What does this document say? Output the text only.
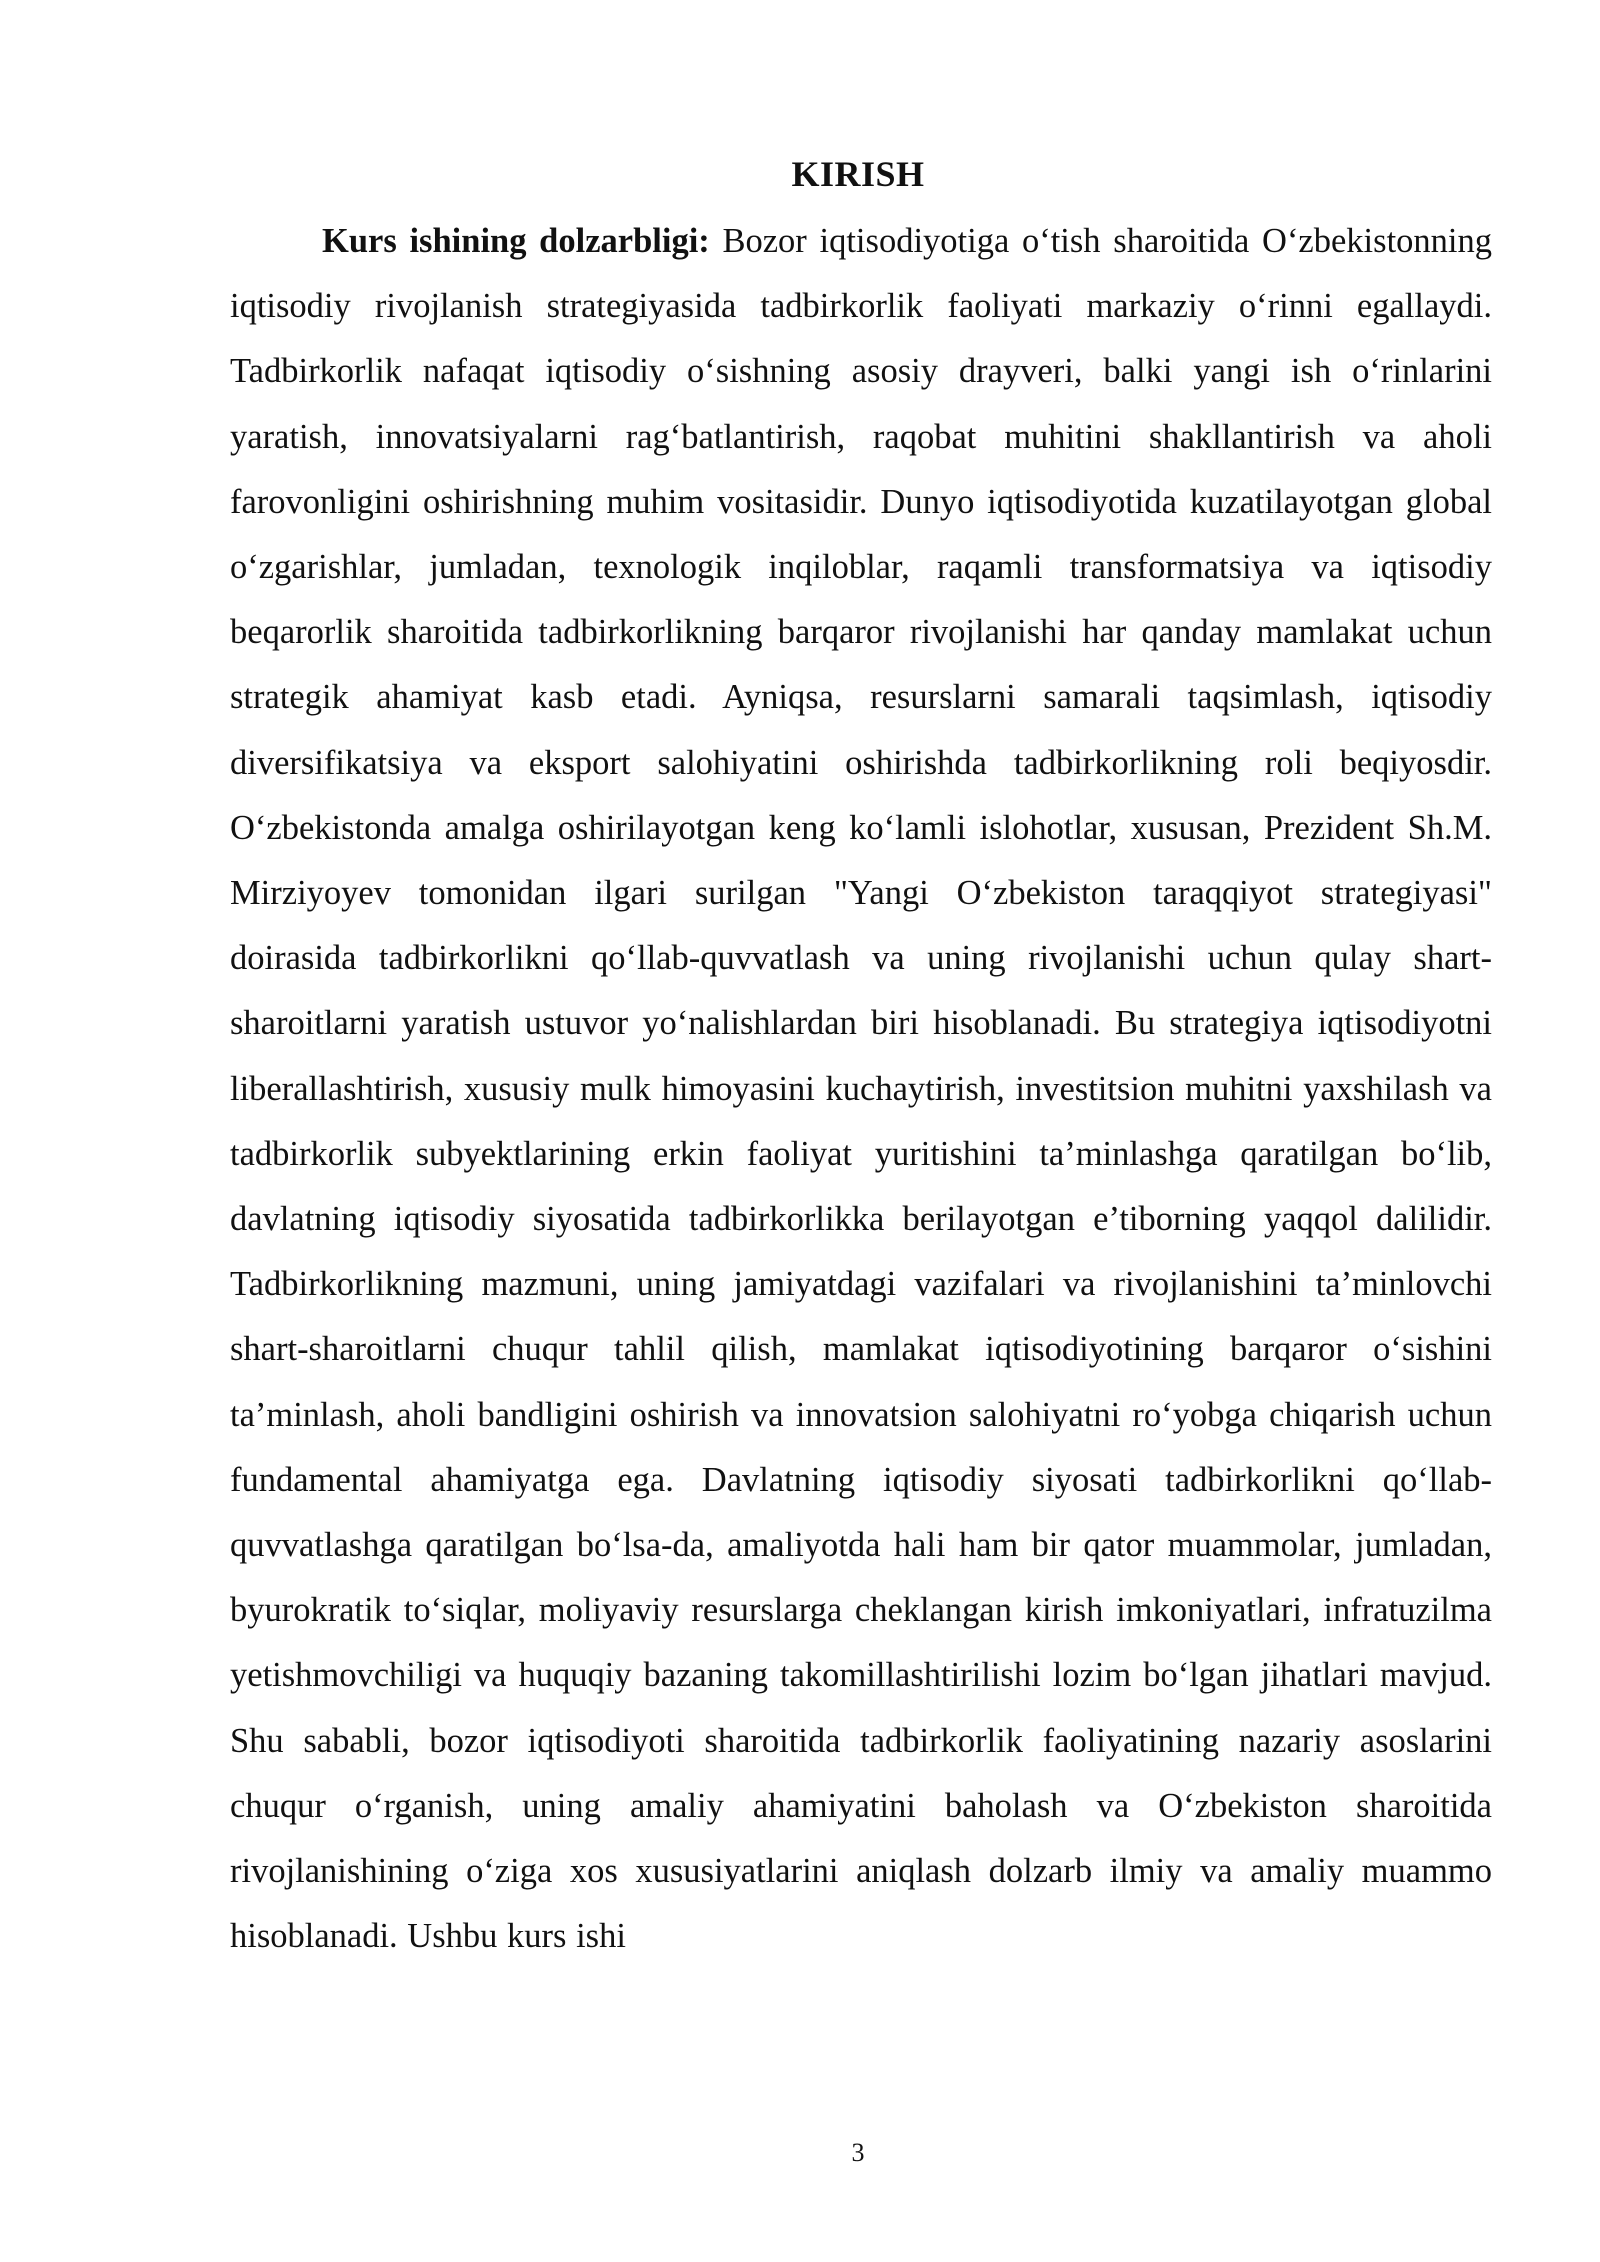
KIRISH

Kurs ishining dolzarbligi: Bozor iqtisodiyotiga o‘tish sharoitida O‘zbekistonning iqtisodiy rivojlanish strategiyasida tadbirkorlik faoliyati markaziy o‘rinni egallaydi. Tadbirkorlik nafaqat iqtisodiy o‘sishning asosiy drayveri, balki yangi ish o‘rinlarini yaratish, innovatsiyalarni rag‘batlantirish, raqobat muhitini shakllantirish va aholi farovonligini oshirishning muhim vositasidir. Dunyo iqtisodiyotida kuzatilayotgan global o‘zgarishlar, jumladan, texnologik inqiloblar, raqamli transformatsiya va iqtisodiy beqarorlik sharoitida tadbirkorlikning barqaror rivojlanishi har qanday mamlakat uchun strategik ahamiyat kasb etadi. Ayniqsa, resurslarni samarali taqsimlash, iqtisodiy diversifikatsiya va eksport salohiyatini oshirishda tadbirkorlikning roli beqiyosdir. O‘zbekistonda amalga oshirilayotgan keng ko‘lamli islohotlar, xususan, Prezident Sh.M. Mirziyoyev tomonidan ilgari surilgan "Yangi O‘zbekiston taraqqiyot strategiyasi" doirasida tadbirkorlikni qo‘llab-quvvatlash va uning rivojlanishi uchun qulay shart-sharoitlarni yaratish ustuvor yo‘nalishlardan biri hisoblanadi. Bu strategiya iqtisodiyotni liberallashtirish, xususiy mulk himoyasini kuchaytirish, investitsion muhitni yaxshilash va tadbirkorlik subyektlarining erkin faoliyat yuritishini ta’minlashga qaratilgan bo‘lib, davlatning iqtisodiy siyosatida tadbirkorlikka berilayotgan e’tiborning yaqqol dalilidir. Tadbirkorlikning mazmuni, uning jamiyatdagi vazifalari va rivojlanishini ta’minlovchi shart-sharoitlarni chuqur tahlil qilish, mamlakat iqtisodiyotining barqaror o‘sishini ta’minlash, aholi bandligini oshirish va innovatsion salohiyatni ro‘yobga chiqarish uchun fundamental ahamiyatga ega. Davlatning iqtisodiy siyosati tadbirkorlikni qo‘llab-quvvatlashga qaratilgan bo‘lsa-da, amaliyotda hali ham bir qator muammolar, jumladan, byurokratik to‘siqlar, moliyaviy resurslarga cheklangan kirish imkoniyatlari, infratuzilma yetishmovchiligi va huquqiy bazaning takomillashtirilishi lozim bo‘lgan jihatlari mavjud. Shu sababli, bozor iqtisodiyoti sharoitida tadbirkorlik faoliyatining nazariy asoslarini chuqur o‘rganish, uning amaliy ahamiyatini baholash va O‘zbekiston sharoitida rivojlanishining o‘ziga xos xususiyatlarini aniqlash dolzarb ilmiy va amaliy muammo hisoblanadi. Ushbu kurs ishi

3
